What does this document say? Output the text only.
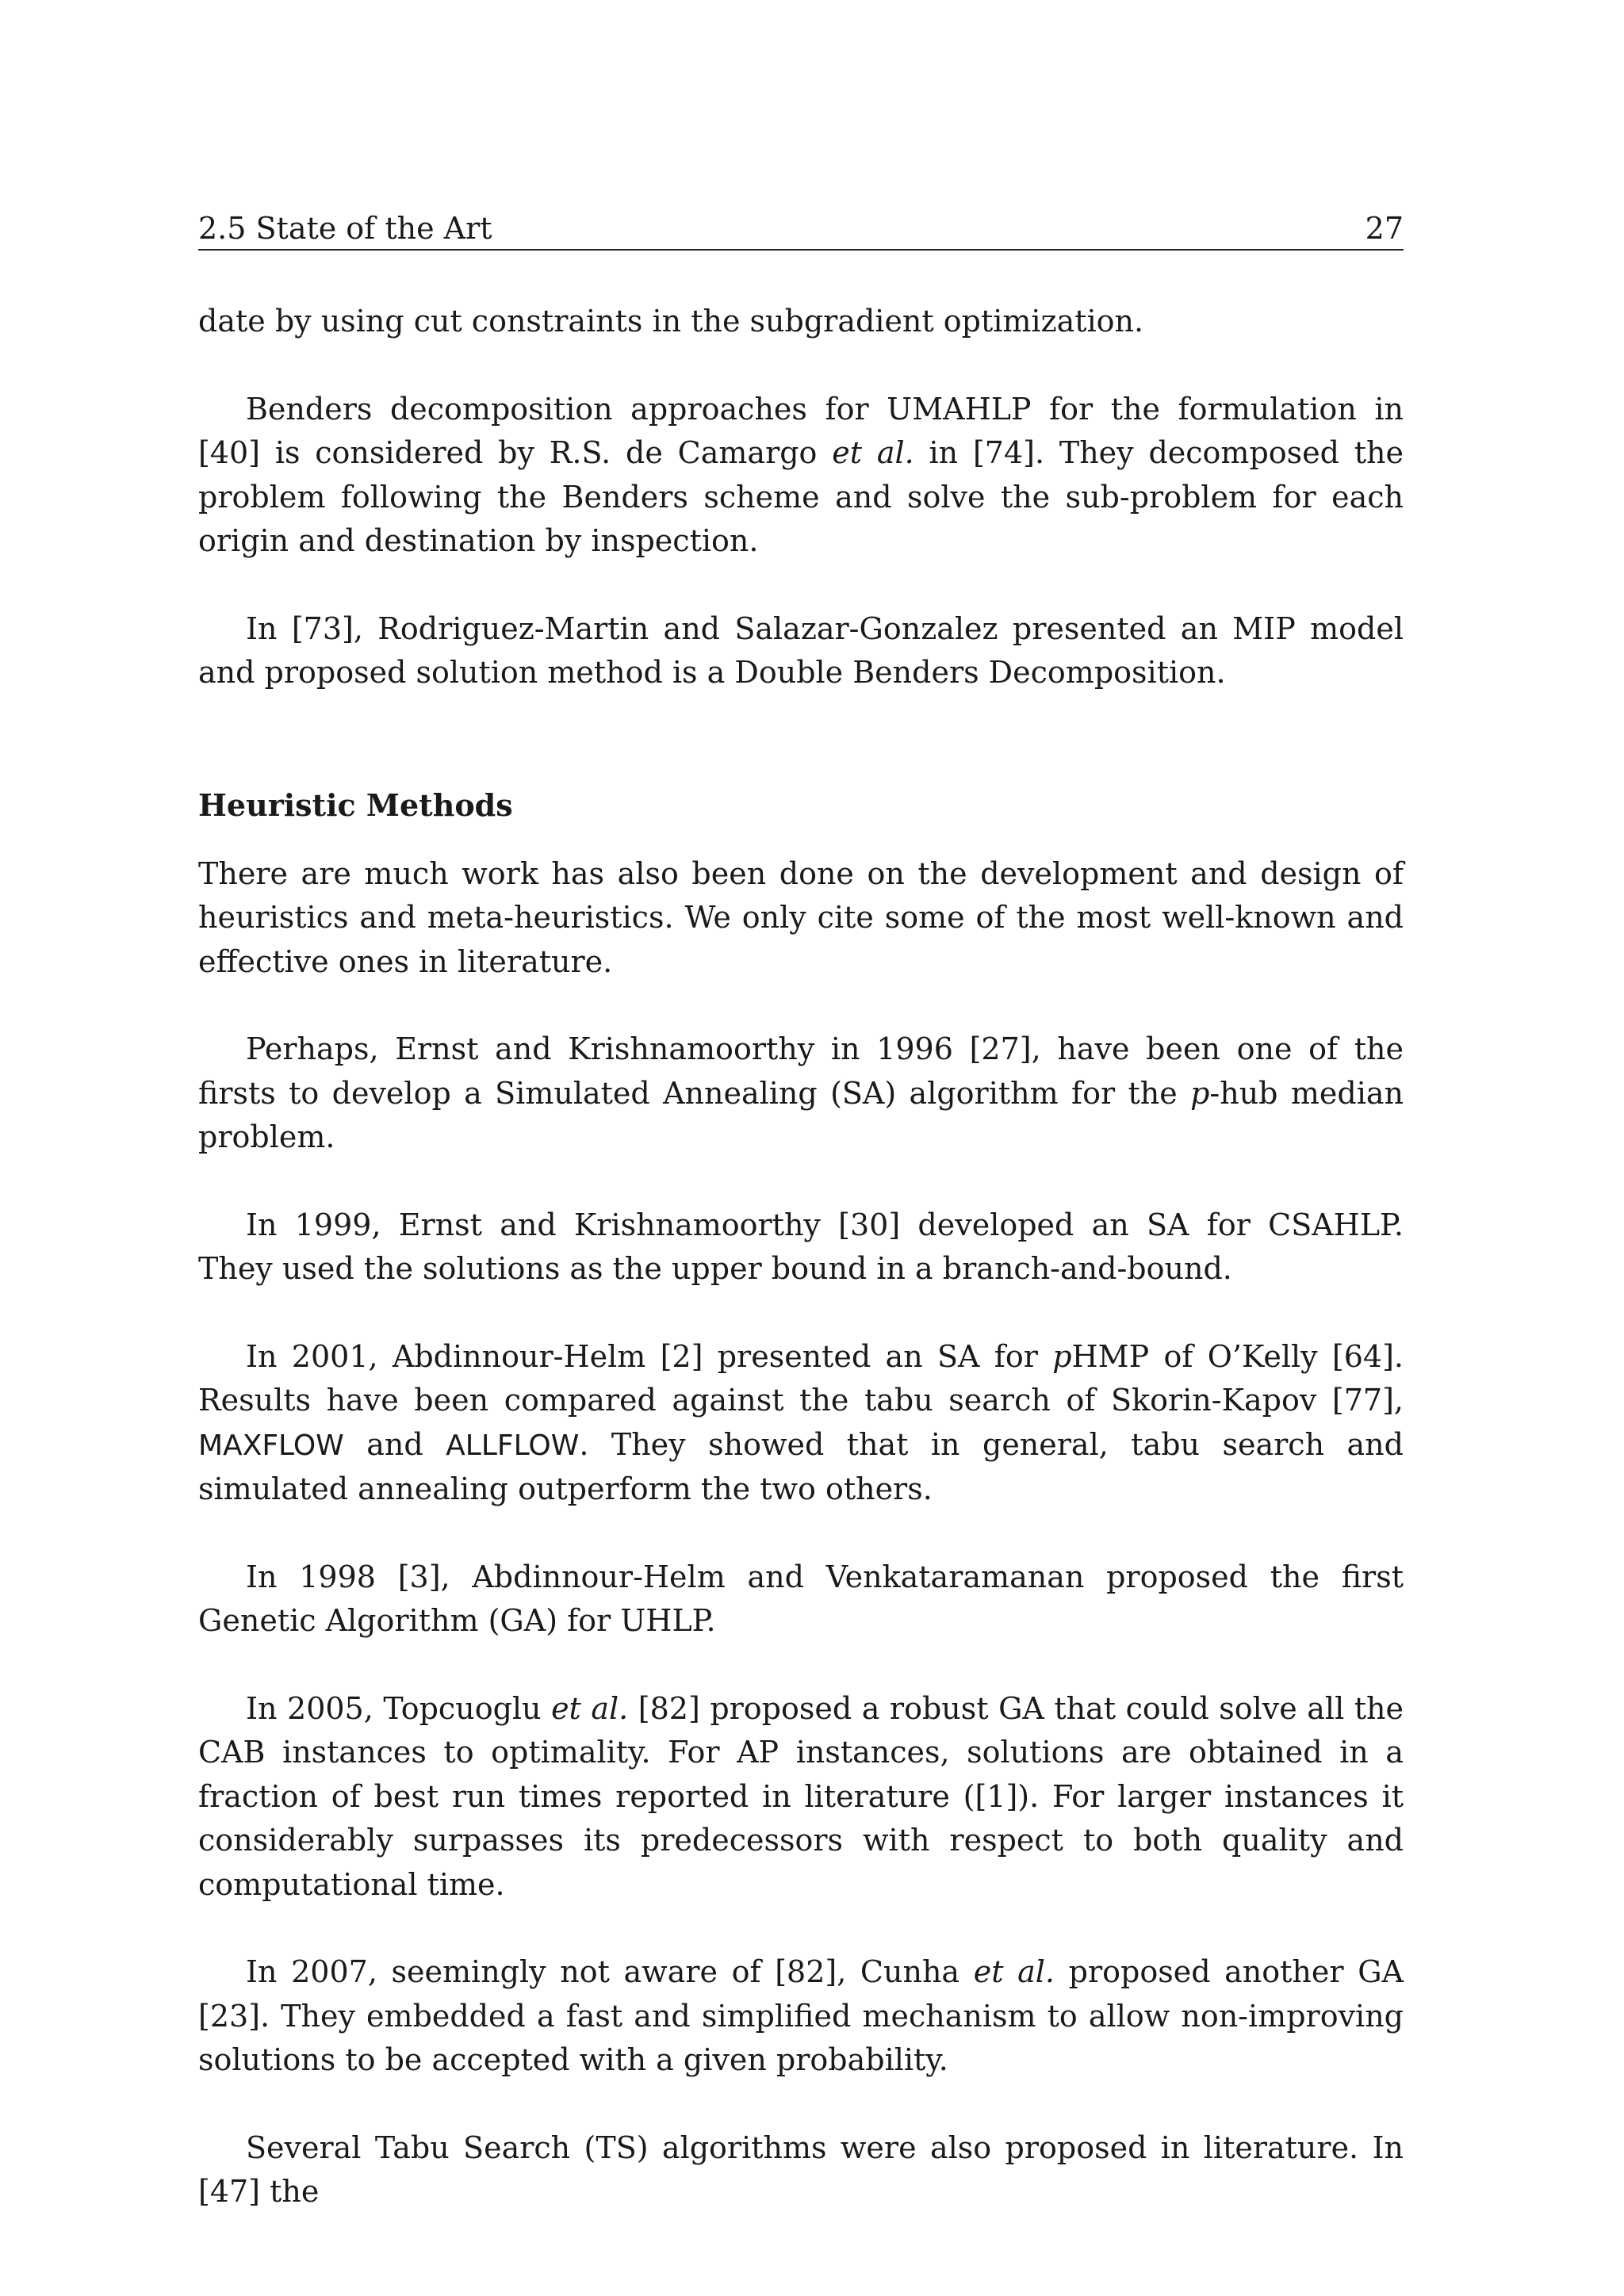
2.5 State of the Art	27

date by using cut constraints in the subgradient optimization.

Benders decomposition approaches for UMAHLP for the formulation in [40] is considered by R.S. de Camargo et al. in [74]. They decomposed the problem following the Benders scheme and solve the sub-problem for each origin and destination by inspection.

In [73], Rodriguez-Martin and Salazar-Gonzalez presented an MIP model and proposed solution method is a Double Benders Decomposition.

Heuristic Methods

There are much work has also been done on the development and design of heuristics and meta-heuristics. We only cite some of the most well-known and effective ones in literature.

Perhaps, Ernst and Krishnamoorthy in 1996 [27], have been one of the firsts to develop a Simulated Annealing (SA) algorithm for the p-hub median problem.

In 1999, Ernst and Krishnamoorthy [30] developed an SA for CSAHLP. They used the solutions as the upper bound in a branch-and-bound.

In 2001, Abdinnour-Helm [2] presented an SA for pHMP of O’Kelly [64]. Results have been compared against the tabu search of Skorin-Kapov [77], MAXFLOW and ALLFLOW. They showed that in general, tabu search and simulated annealing outperform the two others.

In 1998 [3], Abdinnour-Helm and Venkataramanan proposed the first Genetic Algorithm (GA) for UHLP.

In 2005, Topcuoglu et al. [82] proposed a robust GA that could solve all the CAB instances to optimality. For AP instances, solutions are obtained in a fraction of best run times reported in literature ([1]). For larger instances it considerably surpasses its predecessors with respect to both quality and computational time.

In 2007, seemingly not aware of [82], Cunha et al. proposed another GA [23]. They embedded a fast and simplified mechanism to allow non-improving solutions to be accepted with a given probability.

Several Tabu Search (TS) algorithms were also proposed in literature. In [47] the
